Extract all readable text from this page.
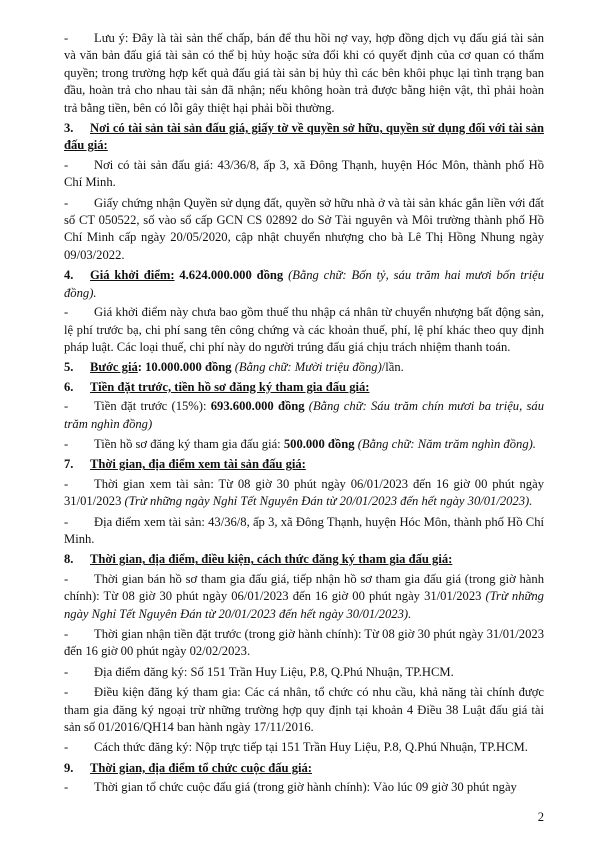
- Lưu ý: Đây là tài sản thế chấp, bán để thu hồi nợ vay, hợp đồng dịch vụ đấu giá tài sản và văn bản đấu giá tài sản có thể bị hủy hoặc sửa đổi khi có quyết định của cơ quan có thẩm quyền; trong trường hợp kết quả đấu giá tài sản bị hủy thì các bên khôi phục lại tình trạng ban đầu, hoàn trả cho nhau tài sản đã nhận; nếu không hoàn trả được bằng hiện vật, thì phải hoàn trả bằng tiền, bên có lỗi gây thiệt hại phải bồi thường.

3. Nơi có tài sản tài sản đấu giá, giấy tờ về quyền sở hữu, quyền sử dụng đối với tài sản đấu giá:

- Nơi có tài sản đấu giá: 43/36/8, ấp 3, xã Đông Thạnh, huyện Hóc Môn, thành phố Hồ Chí Minh.

- Giấy chứng nhận Quyền sử dụng đất, quyền sở hữu nhà ở và tài sản khác gắn liền với đất số CT 050522, số vào sổ cấp GCN CS 02892 do Sở Tài nguyên và Môi trường thành phố Hồ Chí Minh cấp ngày 20/05/2020, cập nhật chuyển nhượng cho bà Lê Thị Hồng Nhung ngày 09/03/2022.

4. Giá khởi điểm: 4.624.000.000 đồng (Bằng chữ: Bốn tỷ, sáu trăm hai mươi bốn triệu đồng).

- Giá khởi điểm này chưa bao gồm thuế thu nhập cá nhân từ chuyển nhượng bất động sản, lệ phí trước bạ, chi phí sang tên công chứng và các khoản thuế, phí, lệ phí khác theo quy định pháp luật. Các loại thuế, chi phí này do người trúng đấu giá chịu trách nhiệm thanh toán.

5. Bước giá: 10.000.000 đồng (Bằng chữ: Mười triệu đồng)/lần.

6. Tiền đặt trước, tiền hồ sơ đăng ký tham gia đấu giá:

- Tiền đặt trước (15%): 693.600.000 đồng (Bằng chữ: Sáu trăm chín mươi ba triệu, sáu trăm nghìn đồng)

- Tiền hồ sơ đăng ký tham gia đấu giá: 500.000 đồng (Bằng chữ: Năm trăm nghìn đồng).

7. Thời gian, địa điểm xem tài sản đấu giá:

- Thời gian xem tài sản: Từ 08 giờ 30 phút ngày 06/01/2023 đến 16 giờ 00 phút ngày 31/01/2023 (Trừ những ngày Nghỉ Tết Nguyên Đán từ 20/01/2023 đến hết ngày 30/01/2023).

- Địa điểm xem tài sản: 43/36/8, ấp 3, xã Đông Thạnh, huyện Hóc Môn, thành phố Hồ Chí Minh.

8. Thời gian, địa điểm, điều kiện, cách thức đăng ký tham gia đấu giá:

- Thời gian bán hồ sơ tham gia đấu giá, tiếp nhận hồ sơ tham gia đấu giá (trong giờ hành chính): Từ 08 giờ 30 phút ngày 06/01/2023 đến 16 giờ 00 phút ngày 31/01/2023 (Trừ những ngày Nghỉ Tết Nguyên Đán từ 20/01/2023 đến hết ngày 30/01/2023).

- Thời gian nhận tiền đặt trước (trong giờ hành chính): Từ 08 giờ 30 phút ngày 31/01/2023 đến 16 giờ 00 phút ngày 02/02/2023.

- Địa điểm đăng ký: Số 151 Trần Huy Liệu, P.8, Q.Phú Nhuận, TP.HCM.

- Điều kiện đăng ký tham gia: Các cá nhân, tổ chức có nhu cầu, khả năng tài chính được tham gia đăng ký ngoại trừ những trường hợp quy định tại khoản 4 Điều 38 Luật đấu giá tài sản số 01/2016/QH14 ban hành ngày 17/11/2016.

- Cách thức đăng ký: Nộp trực tiếp tại 151 Trần Huy Liệu, P.8, Q.Phú Nhuận, TP.HCM.

9. Thời gian, địa điểm tổ chức cuộc đấu giá:

- Thời gian tổ chức cuộc đấu giá (trong giờ hành chính): Vào lúc 09 giờ 30 phút ngày

2
